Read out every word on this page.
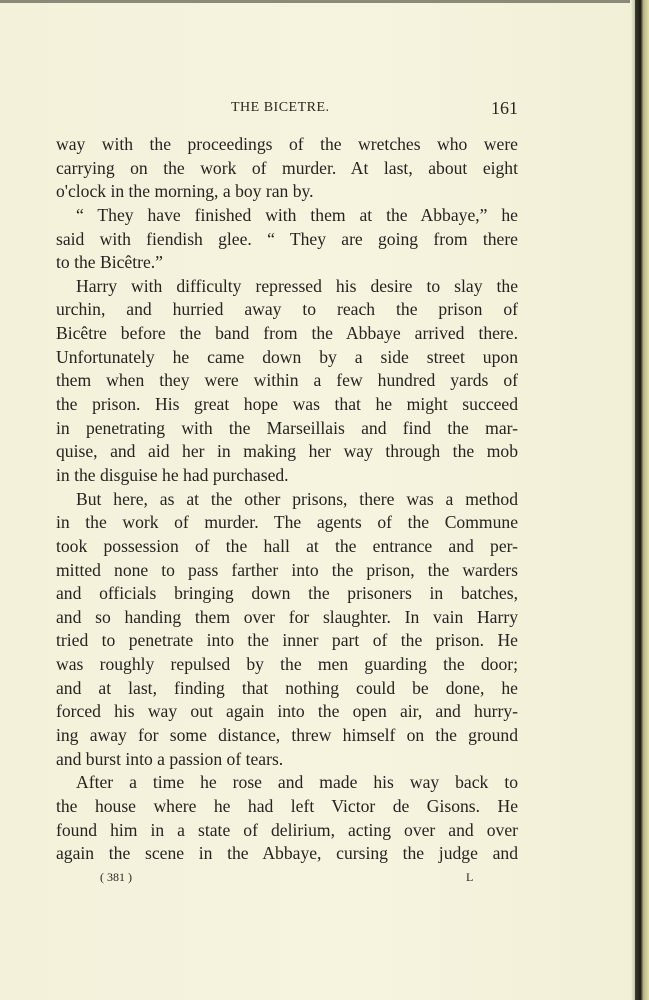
THE BICETRE.	161
way with the proceedings of the wretches who were
carrying on the work of murder. At last, about eight
o'clock in the morning, a boy ran by.
“ They have finished with them at the Abbaye,” he
said with fiendish glee. “ They are going from there
to the Bicêtre.”
Harry with difficulty repressed his desire to slay the
urchin, and hurried away to reach the prison of
Bicêtre before the band from the Abbaye arrived there.
Unfortunately he came down by a side street upon
them when they were within a few hundred yards of
the prison. His great hope was that he might succeed
in penetrating with the Marseillais and find the mar-
quise, and aid her in making her way through the mob
in the disguise he had purchased.
But here, as at the other prisons, there was a method
in the work of murder. The agents of the Commune
took possession of the hall at the entrance and per-
mitted none to pass farther into the prison, the warders
and officials bringing down the prisoners in batches,
and so handing them over for slaughter. In vain Harry
tried to penetrate into the inner part of the prison. He
was roughly repulsed by the men guarding the door;
and at last, finding that nothing could be done, he
forced his way out again into the open air, and hurry-
ing away for some distance, threw himself on the ground
and burst into a passion of tears.
After a time he rose and made his way back to
the house where he had left Victor de Gisons. He
found him in a state of delirium, acting over and over
again the scene in the Abbaye, cursing the judge and
( 381 )	L
